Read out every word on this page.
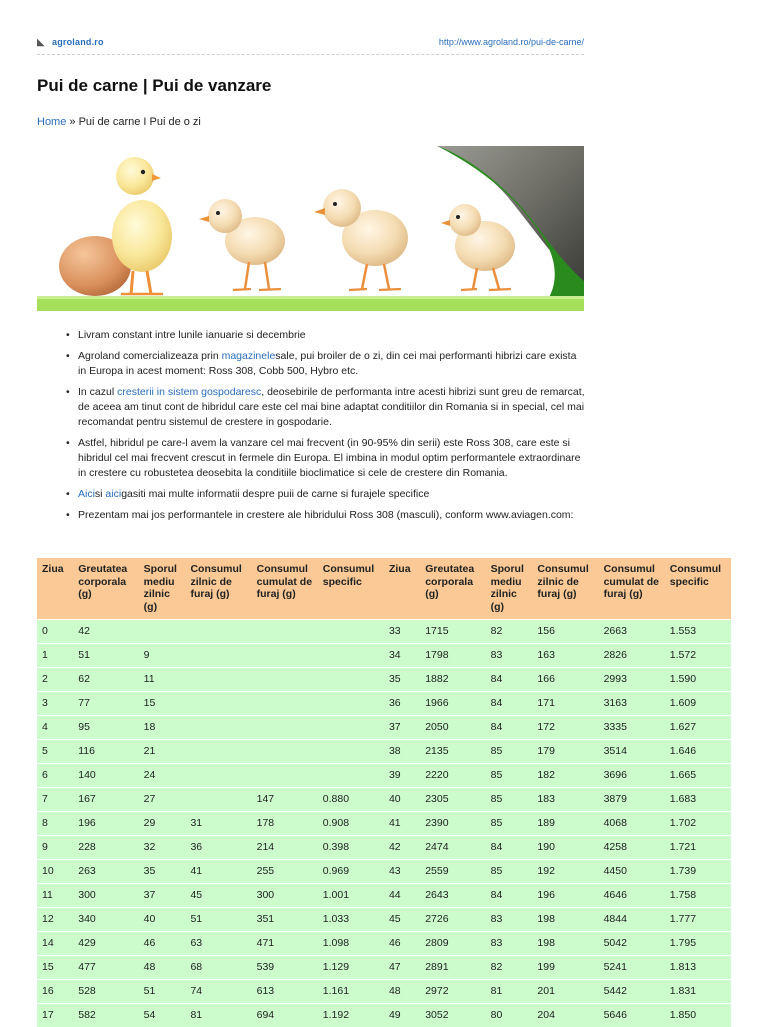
◣ agroland.ro	http://www.agroland.ro/pui-de-carne/
Pui de carne | Pui de vanzare
Home » Pui de carne I Pui de o zi
• Livram constant intre lunile ianuarie si decembrie
• Agroland comercializeaza prin magazinelesale, pui broiler de o zi, din cei mai performanti hibrizi care exista in Europa in acest moment: Ross 308, Cobb 500, Hybro etc.
• In cazul cresterii in sistem gospodaresc, deosebirile de performanta intre acesti hibrizi sunt greu de remarcat, de aceea am tinut cont de hibridul care este cel mai bine adaptat conditiilor din Romania si in special, cel mai recomandat pentru sistemul de crestere in gospodarie.
• Astfel, hibridul pe care-l avem la vanzare cel mai frecvent (in 90-95% din serii) este Ross 308, care este si hibridul cel mai frecvent crescut in fermele din Europa. El imbina in modul optim performantele extraordinare in crestere cu robustetea deosebita la conditiile bioclimatice si cele de crestere din Romania.
• Aicisi aicigasiti mai multe informatii despre puii de carne si furajele specifice
• Prezentam mai jos performantele in crestere ale hibridului Ross 308 (masculi), conform www.aviagen.com:
Ziua	Greutatea corporala (g)	Sporul mediu zilnic (g)	Consumul zilnic de furaj (g)	Consumul cumulat de furaj (g)	Consumul specific	Ziua	Greutatea corporala (g)	Sporul mediu zilnic (g)	Consumul zilnic de furaj (g)	Consumul cumulat de furaj (g)	Consumul specific
0	42					33	1715	82	156	2663	1.553
1	51	9				34	1798	83	163	2826	1.572
2	62	11				35	1882	84	166	2993	1.590
3	77	15				36	1966	84	171	3163	1.609
4	95	18				37	2050	84	172	3335	1.627
5	116	21				38	2135	85	179	3514	1.646
6	140	24				39	2220	85	182	3696	1.665
7	167	27		147	0.880	40	2305	85	183	3879	1.683
8	196	29	31	178	0.908	41	2390	85	189	4068	1.702
9	228	32	36	214	0.398	42	2474	84	190	4258	1.721
10	263	35	41	255	0.969	43	2559	85	192	4450	1.739
11	300	37	45	300	1.001	44	2643	84	196	4646	1.758
12	340	40	51	351	1.033	45	2726	83	198	4844	1.777
14	429	46	63	471	1.098	46	2809	83	198	5042	1.795
15	477	48	68	539	1.129	47	2891	82	199	5241	1.813
16	528	51	74	613	1.161	48	2972	81	201	5442	1.831
17	582	54	81	694	1.192	49	3052	80	204	5646	1.850
